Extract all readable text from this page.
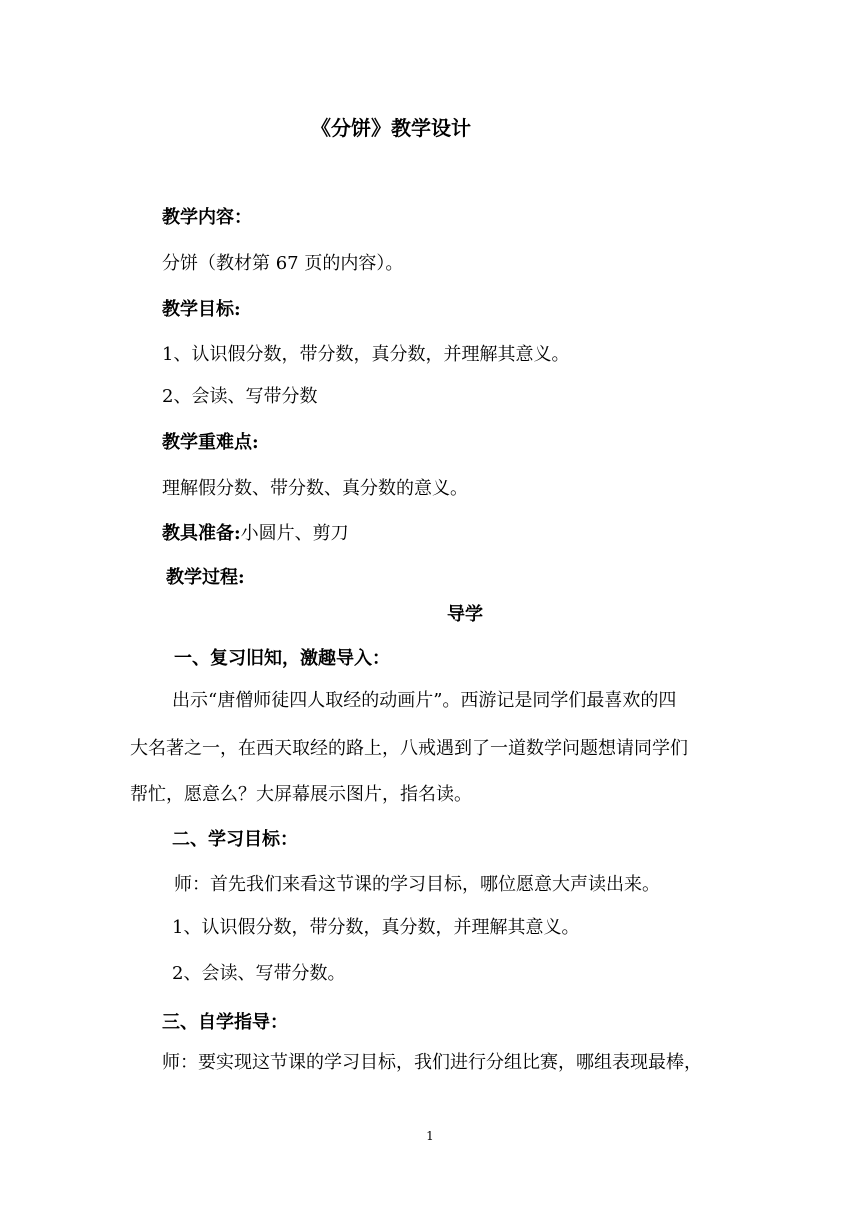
《分饼》教学设计
教学内容：
分饼（教材第 67 页的内容）。
教学目标:
1、认识假分数，带分数，真分数，并理解其意义。
2、会读、写带分数
教学重难点:
理解假分数、带分数、真分数的意义。
教具准备:小圆片、剪刀
教学过程:
导学
一、复习旧知，激趣导入：
出示“唐僧师徒四人取经的动画片”。西游记是同学们最喜欢的四
大名著之一，在西天取经的路上，八戒遇到了一道数学问题想请同学们
帮忙，愿意么？大屏幕展示图片，指名读。
二、学习目标：
师：首先我们来看这节课的学习目标，哪位愿意大声读出来。
1、认识假分数，带分数，真分数，并理解其意义。
2、会读、写带分数。
三、自学指导：
师：要实现这节课的学习目标，我们进行分组比赛，哪组表现最棒，
1
